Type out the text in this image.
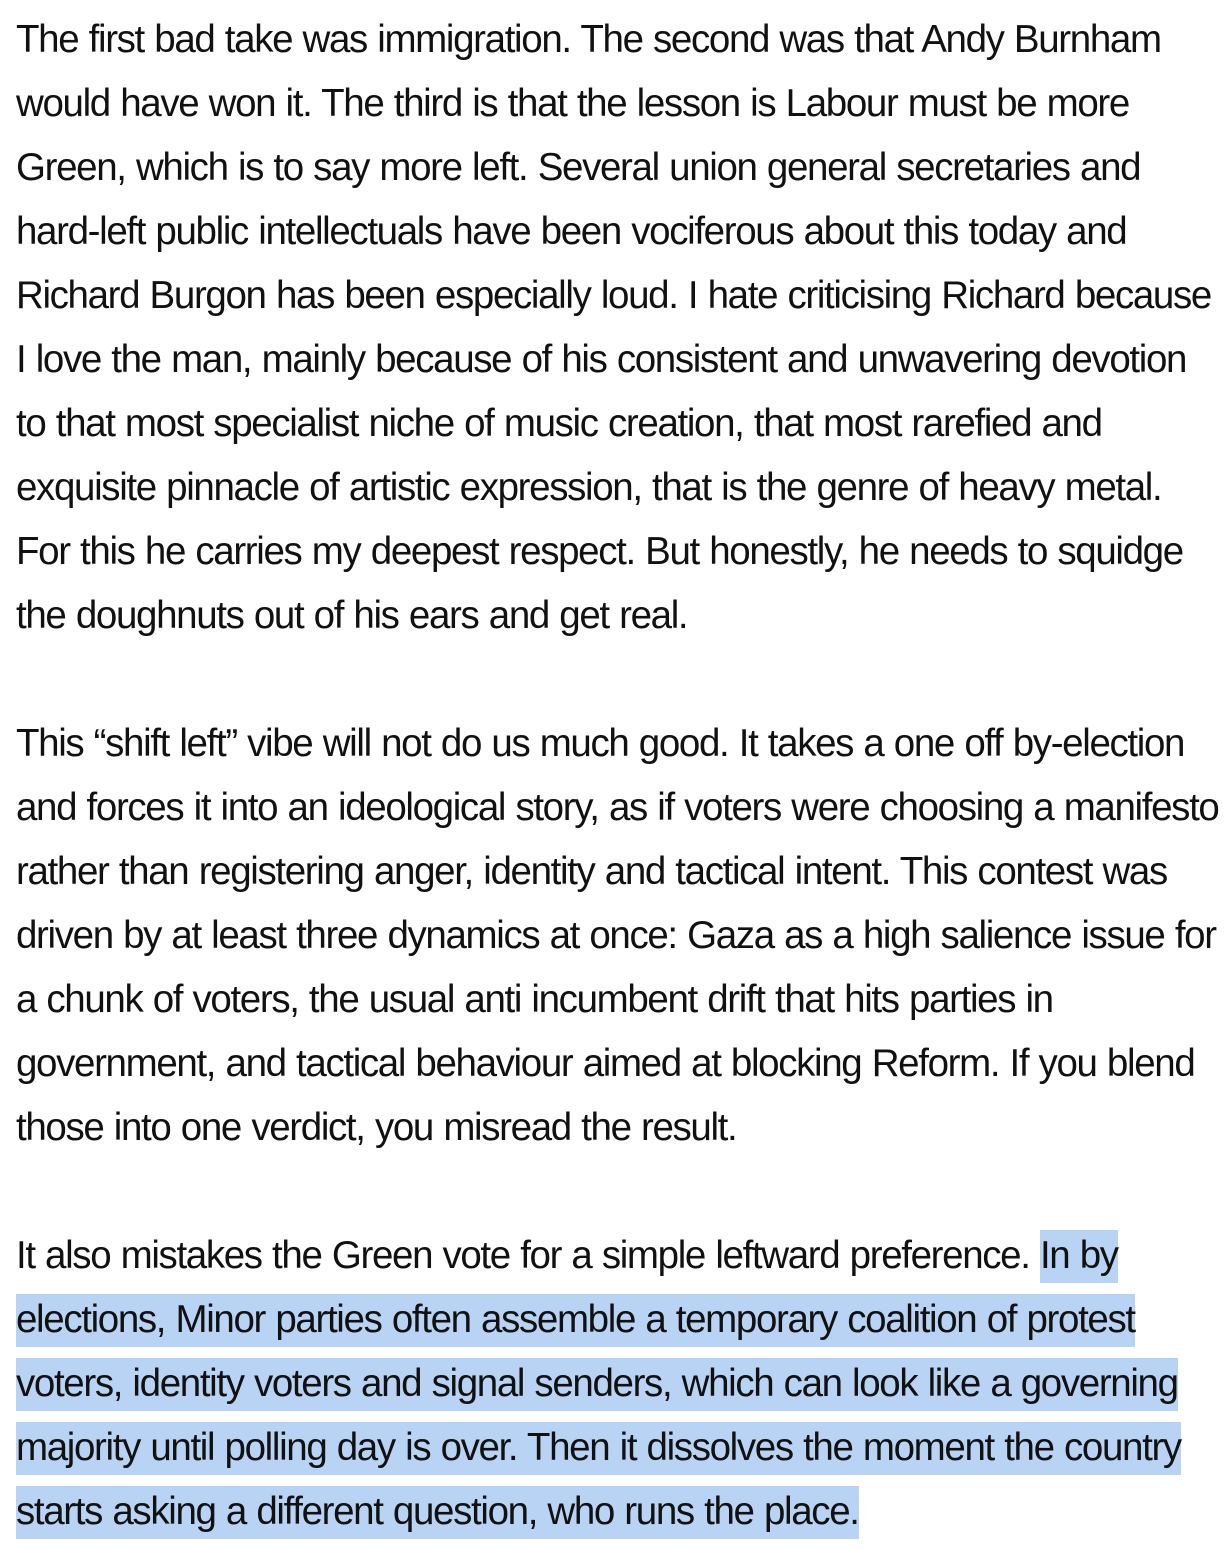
The first bad take was immigration. The second was that Andy Burnham would have won it. The third is that the lesson is Labour must be more Green, which is to say more left. Several union general secretaries and hard-left public intellectuals have been vociferous about this today and Richard Burgon has been especially loud. I hate criticising Richard because I love the man, mainly because of his consistent and unwavering devotion to that most specialist niche of music creation, that most rarefied and exquisite pinnacle of artistic expression, that is the genre of heavy metal. For this he carries my deepest respect. But honestly, he needs to squidge the doughnuts out of his ears and get real.

This “shift left” vibe will not do us much good. It takes a one off by-election and forces it into an ideological story, as if voters were choosing a manifesto rather than registering anger, identity and tactical intent. This contest was driven by at least three dynamics at once: Gaza as a high salience issue for a chunk of voters, the usual anti incumbent drift that hits parties in government, and tactical behaviour aimed at blocking Reform. If you blend those into one verdict, you misread the result.

It also mistakes the Green vote for a simple leftward preference. In by elections, Minor parties often assemble a temporary coalition of protest voters, identity voters and signal senders, which can look like a governing majority until polling day is over. Then it dissolves the moment the country starts asking a different question, who runs the place.
